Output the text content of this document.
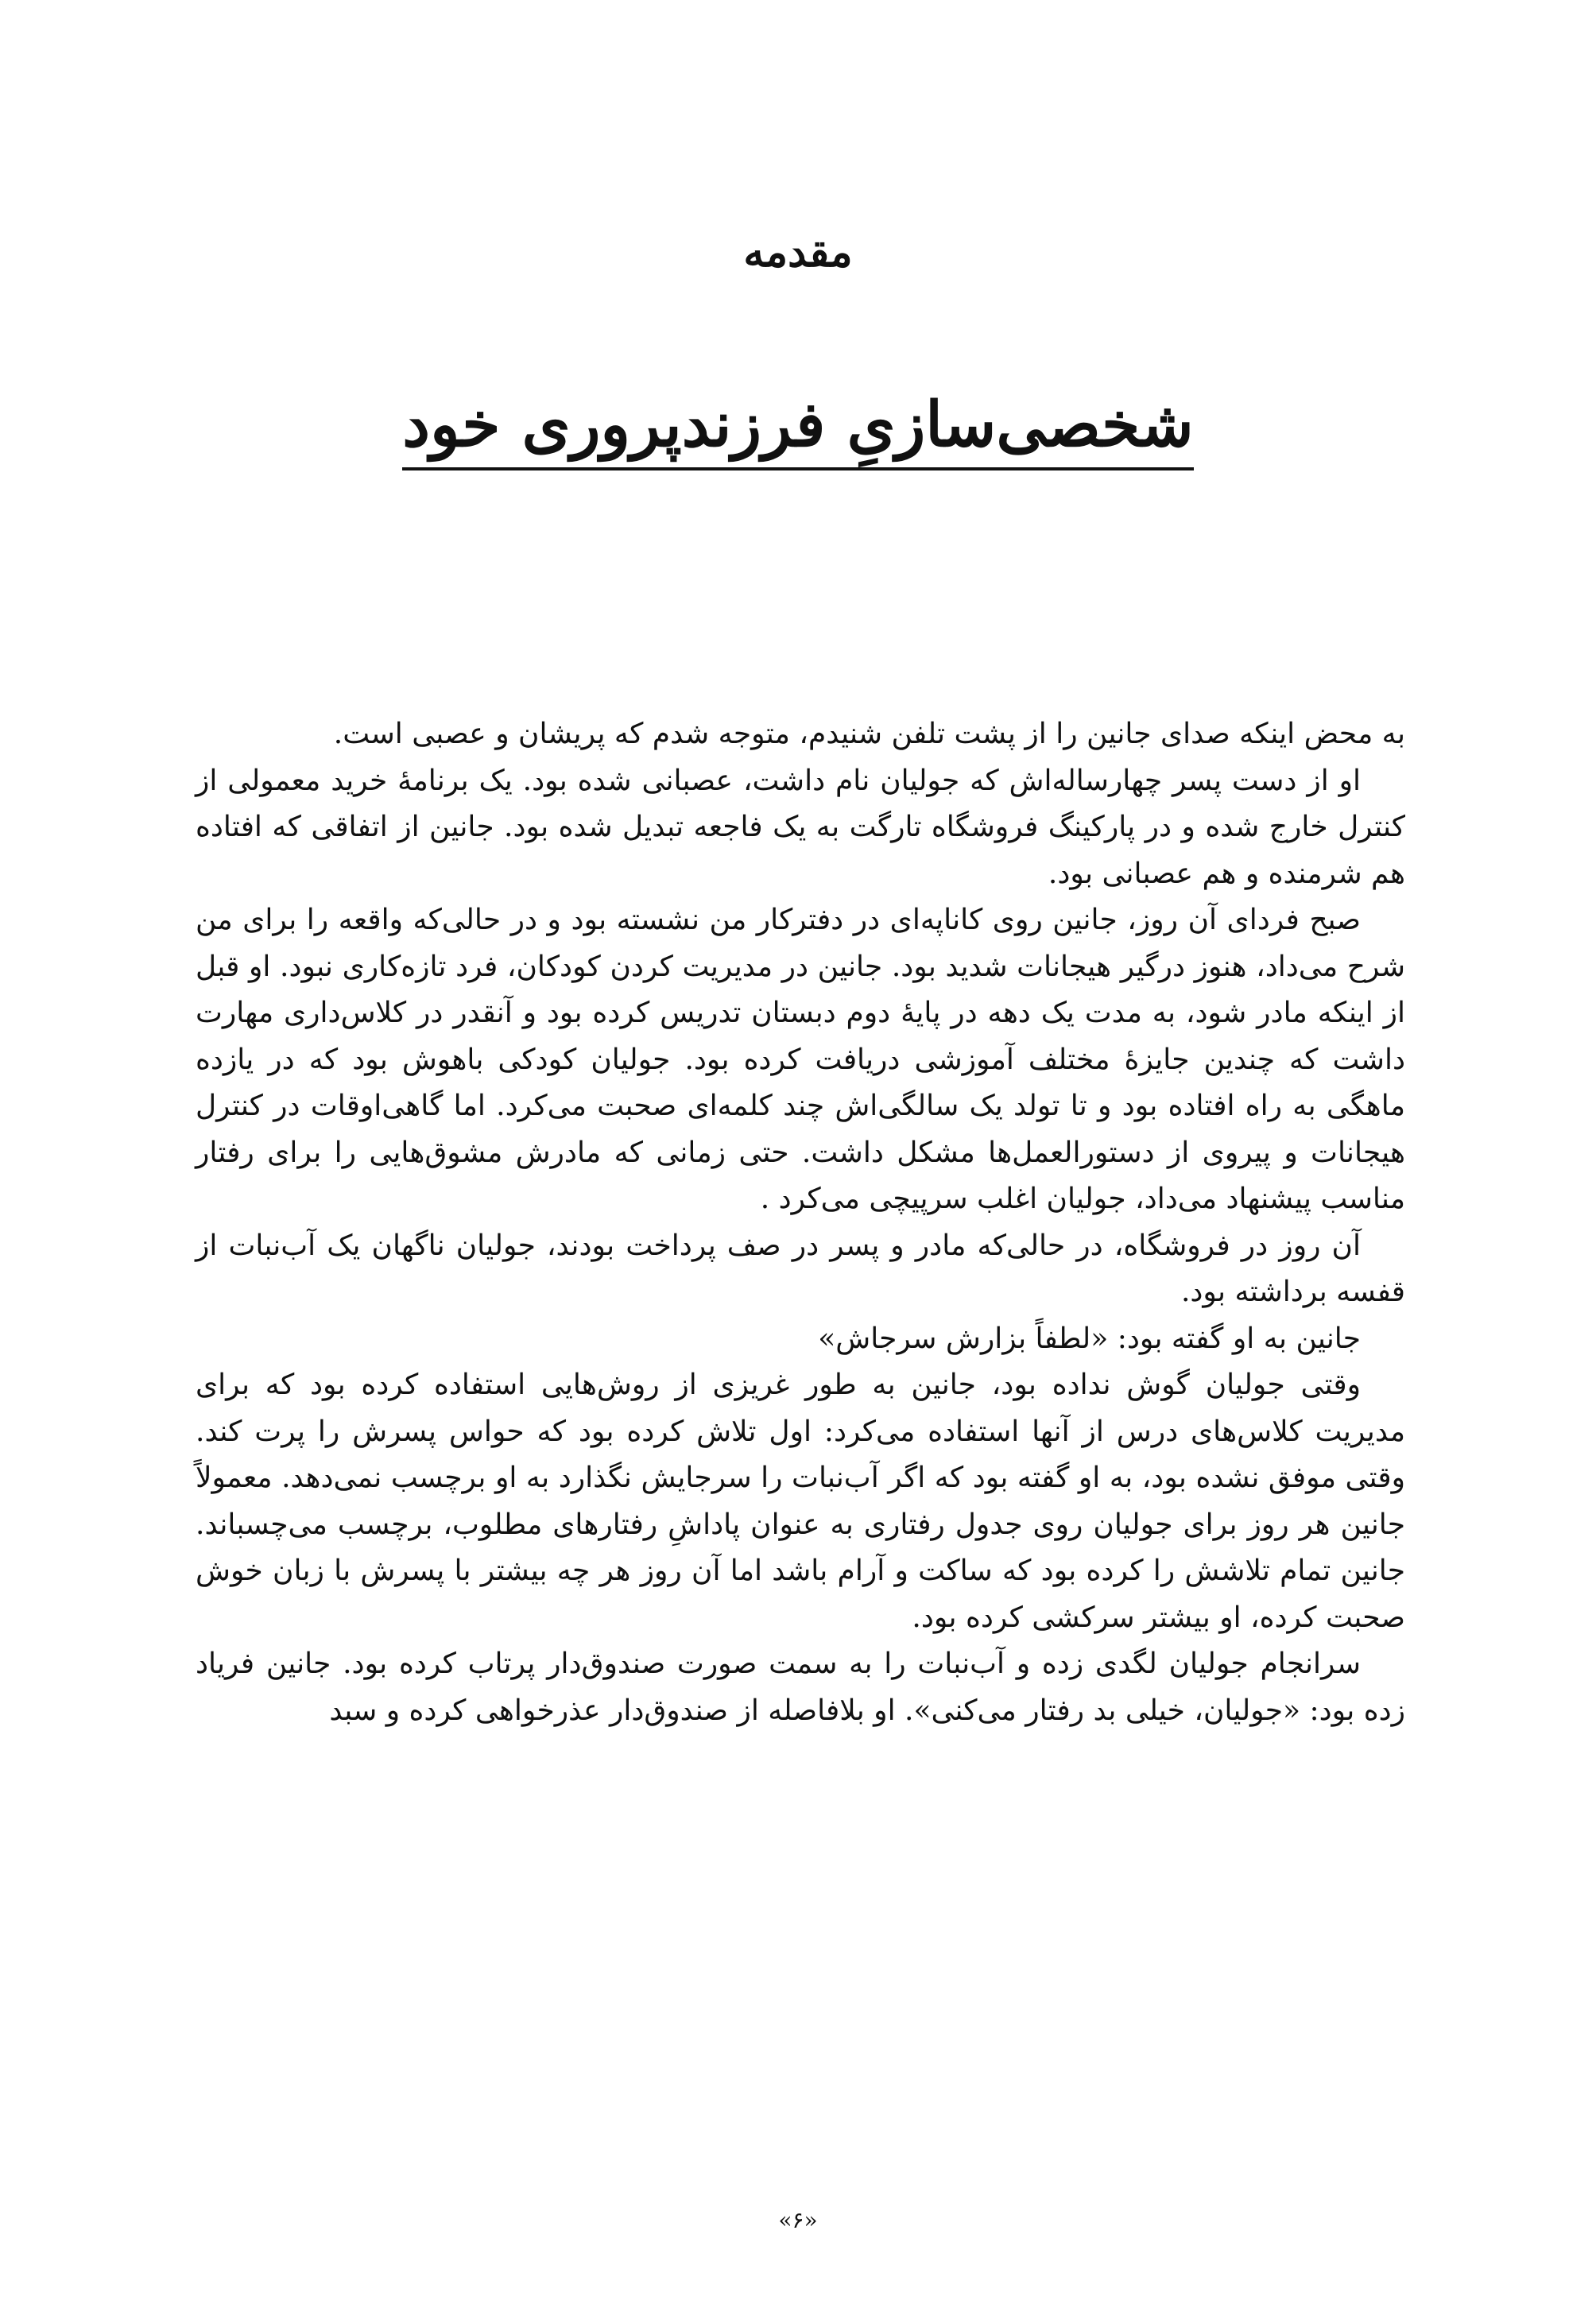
مقدمه
شخصی‌سازیِ فرزندپروری خود

به محض اینکه صدای جانین را از پشت تلفن شنیدم، متوجه شدم که پریشان و عصبی است.

او از دست پسر چهارساله‌اش که جولیان نام داشت، عصبانی شده بود. یک برنامۀ خرید معمولی از کنترل خارج شده و در پارکینگ فروشگاه تارگت به یک فاجعه تبدیل شده بود. جانین از اتفاقی که افتاده هم شرمنده و هم عصبانی بود.

صبح فردای آن روز، جانین روی کاناپه‌ای در دفترکار من نشسته بود و در حالی‌که واقعه را برای من شرح می‌داد، هنوز درگیر هیجانات شدید بود. جانین در مدیریت کردن کودکان، فرد تازه‌کاری نبود. او قبل از اینکه مادر شود، به مدت یک دهه در پایۀ دوم دبستان تدریس کرده بود و آنقدر در کلاس‌داری مهارت داشت که چندین جایزۀ مختلف آموزشی دریافت کرده بود. جولیان کودکی باهوش بود که در یازده ماهگی به راه افتاده بود و تا تولد یک سالگی‌اش چند کلمه‌ای صحبت می‌کرد. اما گاهی‌اوقات در کنترل هیجانات و پیروی از دستورالعمل‌ها مشکل داشت. حتی زمانی که مادرش مشوق‌هایی را برای رفتار مناسب پیشنهاد می‌داد، جولیان اغلب سرپیچی می‌کرد .

آن روز در فروشگاه، در حالی‌که مادر و پسر در صف پرداخت بودند، جولیان ناگهان یک آب‌نبات از قفسه برداشته بود.

جانین به او گفته بود: «لطفاً بزارش سرجاش»

وقتی جولیان گوش نداده بود، جانین به طور غریزی از روش‌هایی استفاده کرده بود که برای مدیریت کلاس‌های درس از آنها استفاده می‌کرد: اول تلاش کرده بود که حواس پسرش را پرت کند. وقتی موفق نشده بود، به او گفته بود که اگر آب‌نبات را سرجایش نگذارد به او برچسب نمی‌دهد. معمولاً جانین هر روز برای جولیان روی جدول رفتاری به عنوان پاداشِ رفتارهای مطلوب، برچسب می‌چسباند. جانین تمام تلاشش را کرده بود که ساکت و آرام باشد اما آن روز هر چه بیشتر با پسرش با زبان خوش صحبت کرده، او بیشتر سرکشی کرده بود.

سرانجام جولیان لگدی زده و آب‌نبات را به سمت صورت صندوق‌دار پرتاب کرده بود. جانین فریاد زده بود: «جولیان، خیلی بد رفتار می‌کنی». او بلافاصله از صندوق‌دار عذرخواهی کرده و سبد

«۶»
